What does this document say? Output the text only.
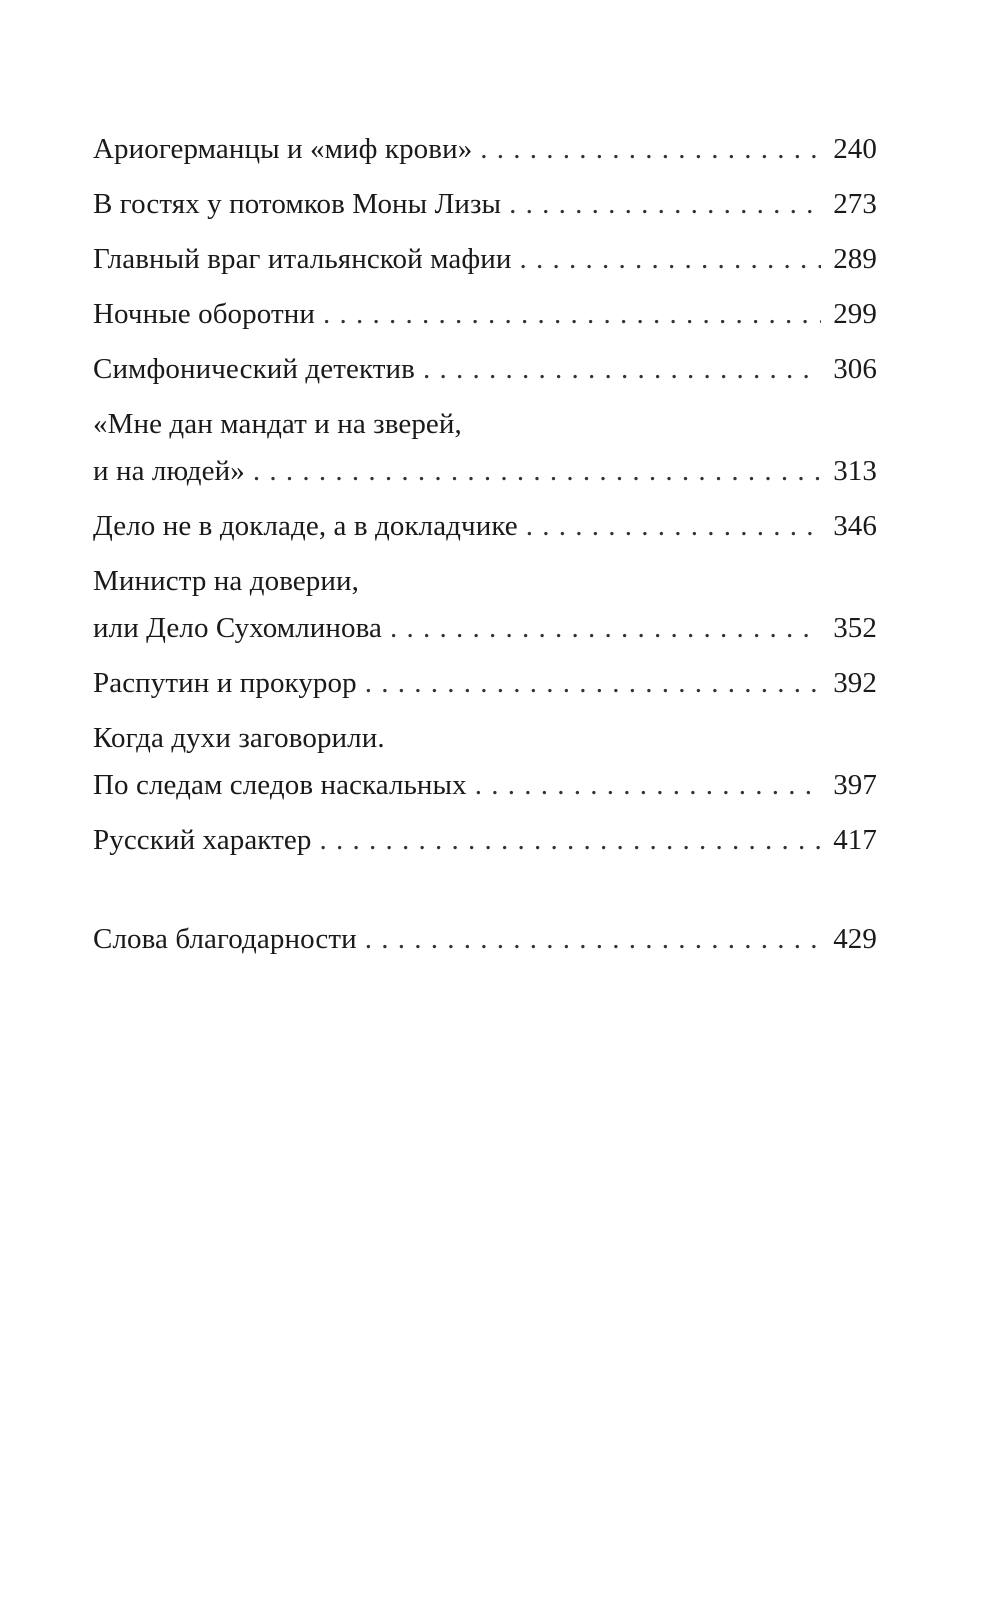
Ариогерманцы и «миф крови» . . .	240
В гостях у потомков Моны Лизы . . .	273
Главный враг итальянской мафии . . .	289
Ночные оборотни . . .	299
Симфонический детектив . . .	306
«Мне дан мандат и на зверей,
и на людей» . . .	313
Дело не в докладе, а в докладчике . . .	346
Министр на доверии,
или Дело Сухомлинова . . .	352
Распутин и прокурор . . .	392
Когда духи заговорили.
По следам следов наскальных . . .	397
Русский характер . . .	417
Слова благодарности . . .	429
